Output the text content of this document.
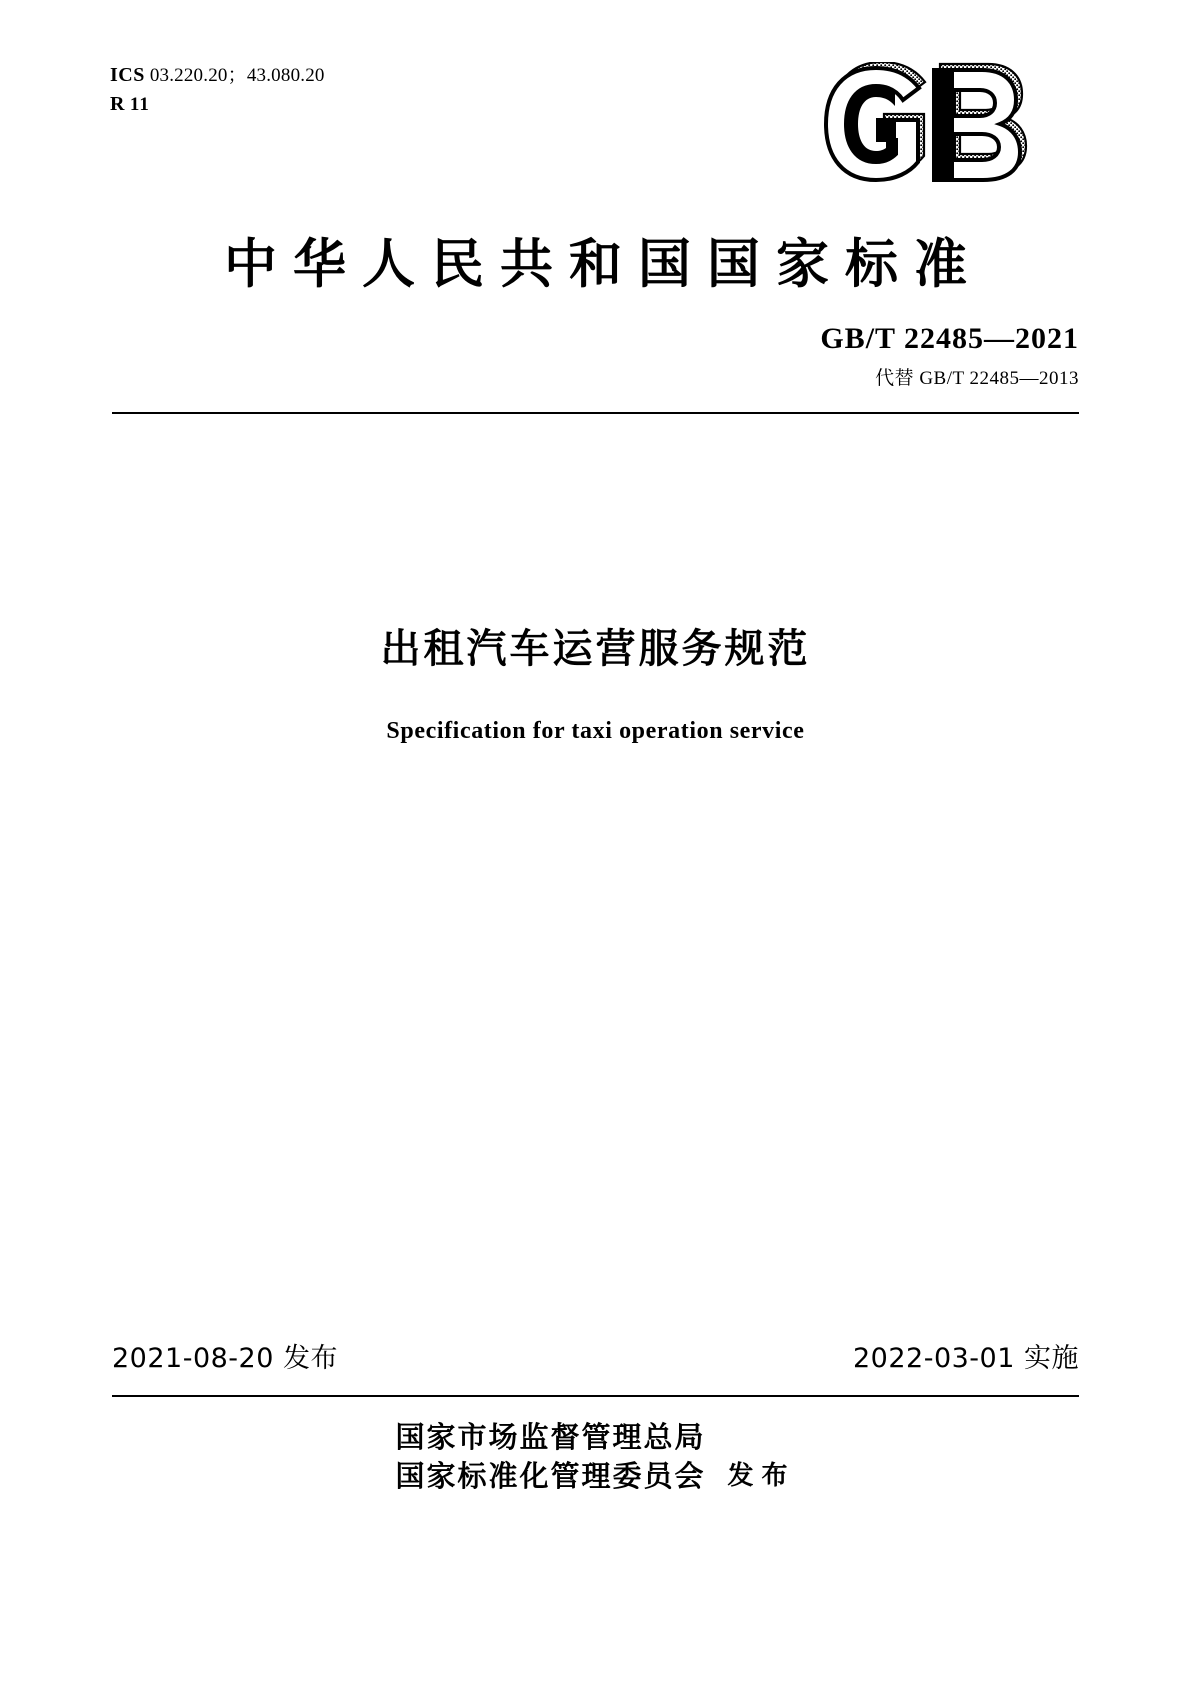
ICS 03.220.20；43.080.20
R 11
中华人民共和国国家标准
GB/T 22485—2021
代替 GB/T 22485—2013
出租汽车运营服务规范
Specification for taxi operation service
2021-08-20 发布	2022-03-01 实施
国家市场监督管理总局
国家标准化管理委员会 发布
